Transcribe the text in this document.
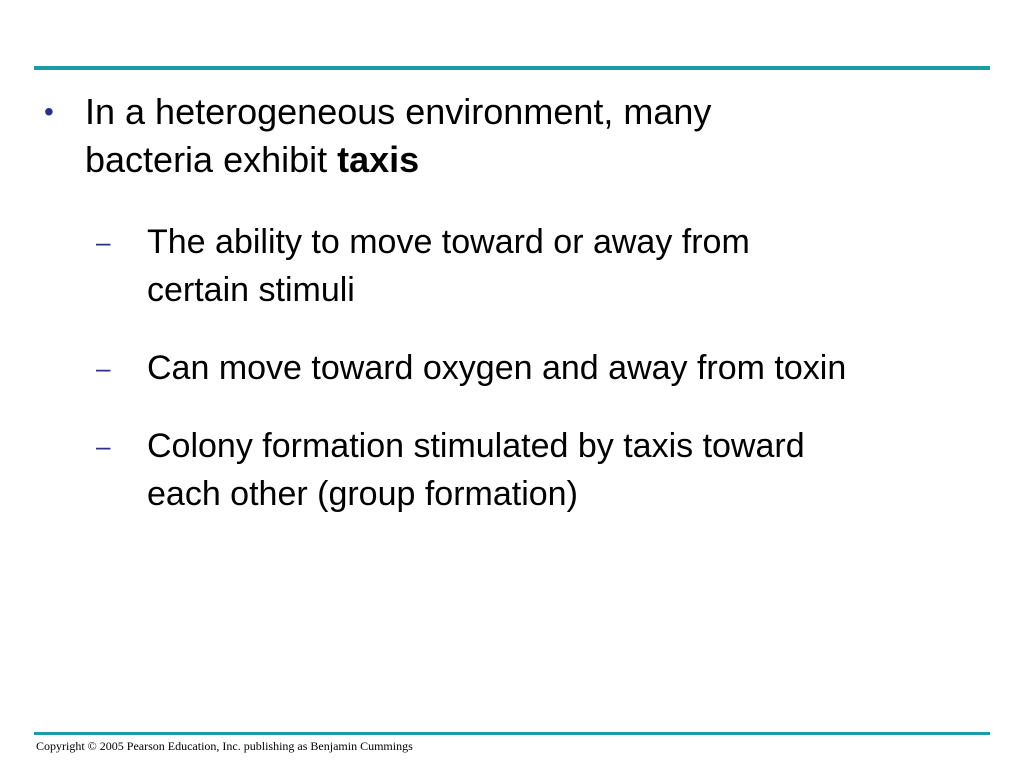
• In a heterogeneous environment, many
bacteria exhibit taxis
–	The ability to move toward or away from
certain stimuli
–	Can move toward oxygen and away from toxin
–	Colony formation stimulated by taxis toward
each other (group formation)
Copyright © 2005 Pearson Education, Inc. publishing as Benjamin Cummings
